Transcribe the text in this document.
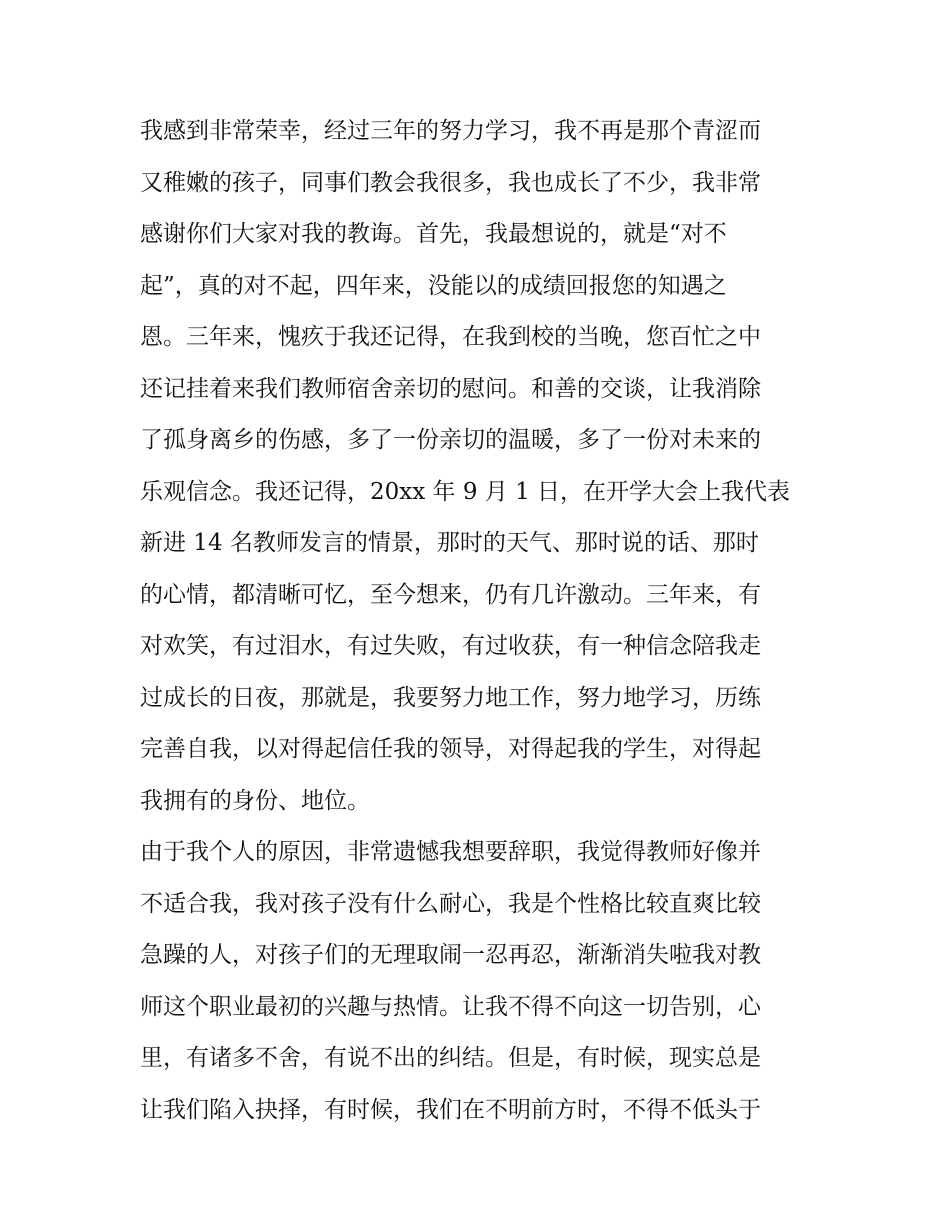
我感到非常荣幸，经过三年的努力学习，我不再是那个青涩而
又稚嫩的孩子，同事们教会我很多，我也成长了不少，我非常
感谢你们大家对我的教诲。首先，我最想说的，就是“对不
起”，真的对不起，四年来，没能以的成绩回报您的知遇之
恩。三年来，愧疚于我还记得，在我到校的当晚，您百忙之中
还记挂着来我们教师宿舍亲切的慰问。和善的交谈，让我消除
了孤身离乡的伤感，多了一份亲切的温暖，多了一份对未来的
乐观信念。我还记得，20xx 年 9 月 1 日，在开学大会上我代表
新进 14 名教师发言的情景，那时的天气、那时说的话、那时
的心情，都清晰可忆，至今想来，仍有几许激动。三年来，有
对欢笑，有过泪水，有过失败，有过收获，有一种信念陪我走
过成长的日夜，那就是，我要努力地工作，努力地学习，历练
完善自我，以对得起信任我的领导，对得起我的学生，对得起
我拥有的身份、地位。
由于我个人的原因，非常遗憾我想要辞职，我觉得教师好像并
不适合我，我对孩子没有什么耐心，我是个性格比较直爽比较
急躁的人，对孩子们的无理取闹一忍再忍，渐渐消失啦我对教
师这个职业最初的兴趣与热情。让我不得不向这一切告别，心
里，有诸多不舍，有说不出的纠结。但是，有时候，现实总是
让我们陷入抉择，有时候，我们在不明前方时，不得不低头于
